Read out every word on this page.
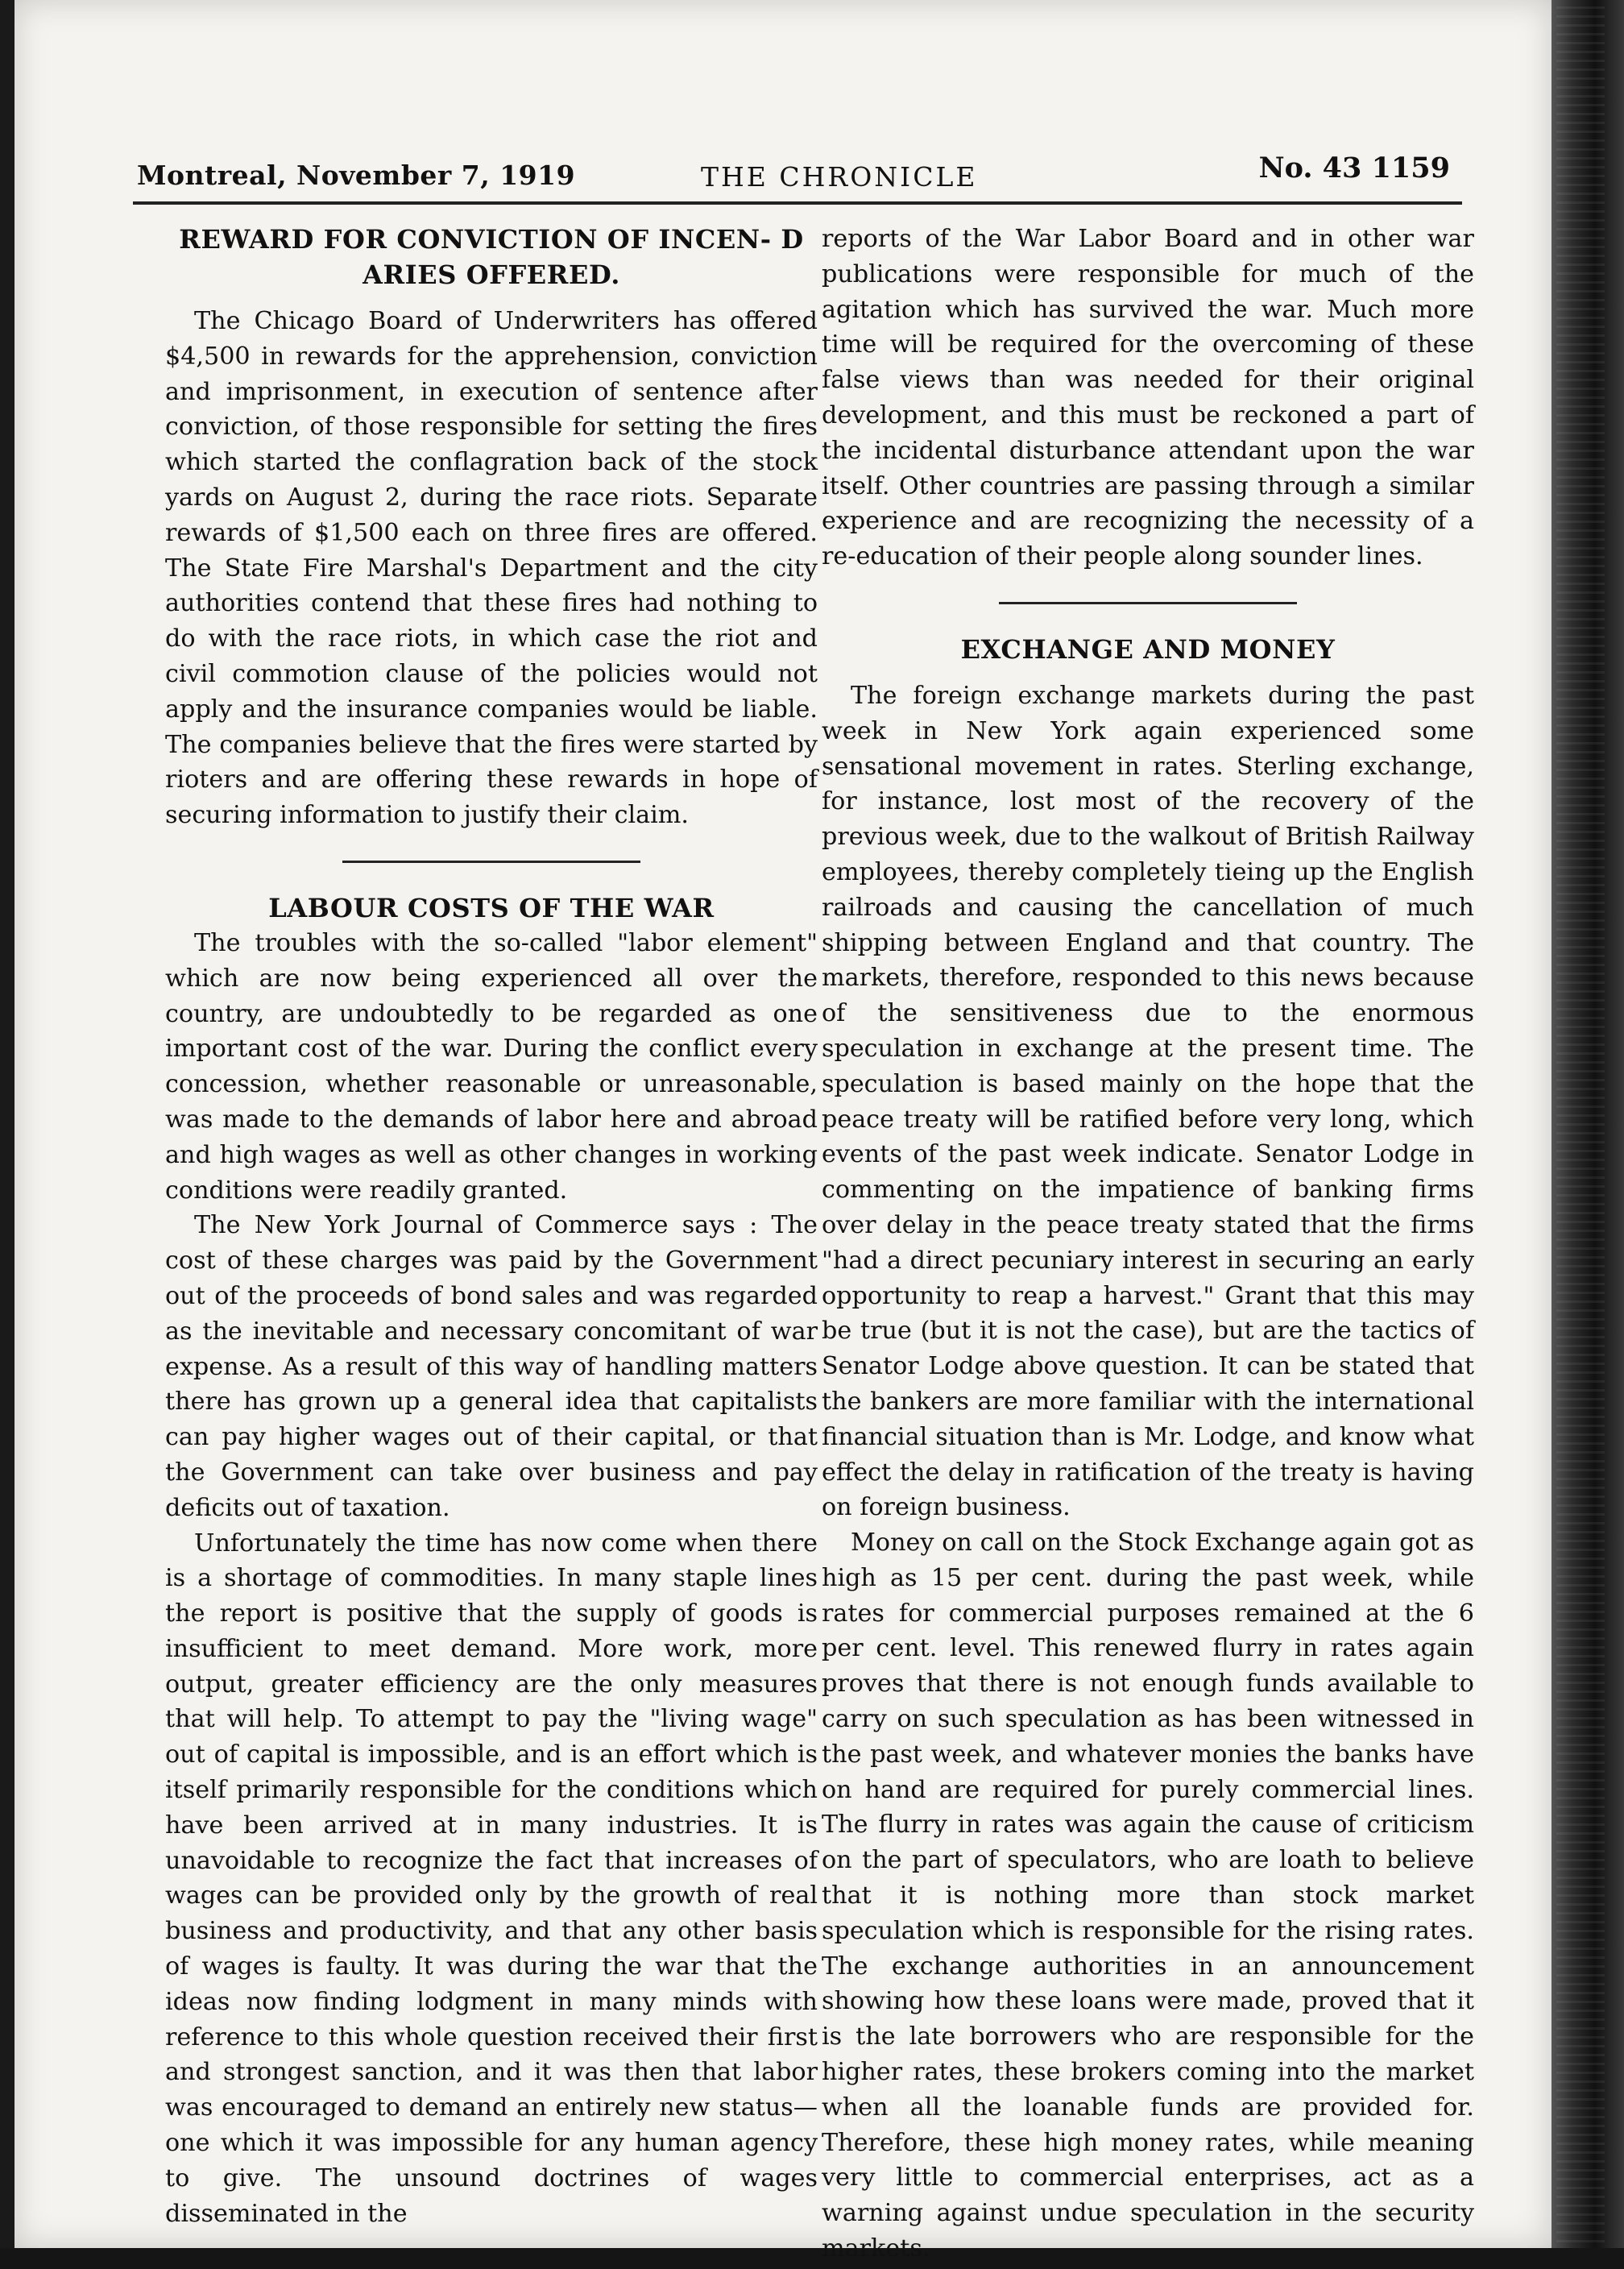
Montreal, November 7, 1919	THE CHRONICLE	No. 43 1159
REWARD FOR CONVICTION OF INCEN- D ARIES OFFERED.

The Chicago Board of Underwriters has offered $4,500 in rewards for the apprehension, conviction and imprisonment, in execution of sentence after conviction, of those responsible for setting the fires which started the conflagration back of the stock yards on August 2, during the race riots. Separate rewards of $1,500 each on three fires are offered. The State Fire Marshal's Department and the city authorities contend that these fires had nothing to do with the race riots, in which case the riot and civil commotion clause of the policies would not apply and the insurance companies would be liable. The companies believe that the fires were started by rioters and are offering these rewards in hope of securing information to justify their claim.

LABOUR COSTS OF THE WAR

The troubles with the so-called "labor element" which are now being experienced all over the country, are undoubtedly to be regarded as one important cost of the war. During the conflict every concession, whether reasonable or unreasonable, was made to the demands of labor here and abroad and high wages as well as other changes in working conditions were readily granted.

The New York Journal of Commerce says : The cost of these charges was paid by the Government out of the proceeds of bond sales and was regarded as the inevitable and necessary concomitant of war expense. As a result of this way of handling matters there has grown up a general idea that capitalists can pay higher wages out of their capital, or that the Government can take over business and pay deficits out of taxation.

Unfortunately the time has now come when there is a shortage of commodities. In many staple lines the report is positive that the supply of goods is insufficient to meet demand. More work, more output, greater efficiency are the only measures that will help. To attempt to pay the "living wage" out of capital is impossible, and is an effort which is itself primarily responsible for the conditions which have been arrived at in many industries. It is unavoidable to recognize the fact that increases of wages can be provided only by the growth of real business and productivity, and that any other basis of wages is faulty. It was during the war that the ideas now finding lodgment in many minds with reference to this whole question received their first and strongest sanction, and it was then that labor was encouraged to demand an entirely new status—one which it was impossible for any human agency to give. The unsound doctrines of wages disseminated in the

reports of the War Labor Board and in other war publications were responsible for much of the agitation which has survived the war. Much more time will be required for the overcoming of these false views than was needed for their original development, and this must be reckoned a part of the incidental disturbance attendant upon the war itself. Other countries are passing through a similar experience and are recognizing the necessity of a re-education of their people along sounder lines.

EXCHANGE AND MONEY

The foreign exchange markets during the past week in New York again experienced some sensational movement in rates. Sterling exchange, for instance, lost most of the recovery of the previous week, due to the walkout of British Railway employees, thereby completely tieing up the English railroads and causing the cancellation of much shipping between England and that country. The markets, therefore, responded to this news because of the sensitiveness due to the enormous speculation in exchange at the present time. The speculation is based mainly on the hope that the peace treaty will be ratified before very long, which events of the past week indicate. Senator Lodge in commenting on the impatience of banking firms over delay in the peace treaty stated that the firms "had a direct pecuniary interest in securing an early opportunity to reap a harvest." Grant that this may be true (but it is not the case), but are the tactics of Senator Lodge above question. It can be stated that the bankers are more familiar with the international financial situation than is Mr. Lodge, and know what effect the delay in ratification of the treaty is having on foreign business.

Money on call on the Stock Exchange again got as high as 15 per cent. during the past week, while rates for commercial purposes remained at the 6 per cent. level. This renewed flurry in rates again proves that there is not enough funds available to carry on such speculation as has been witnessed in the past week, and whatever monies the banks have on hand are required for purely commercial lines. The flurry in rates was again the cause of criticism on the part of speculators, who are loath to believe that it is nothing more than stock market speculation which is responsible for the rising rates. The exchange authorities in an announcement showing how these loans were made, proved that it is the late borrowers who are responsible for the higher rates, these brokers coming into the market when all the loanable funds are provided for. Therefore, these high money rates, while meaning very little to commercial enterprises, act as a warning against undue speculation in the security markets.
